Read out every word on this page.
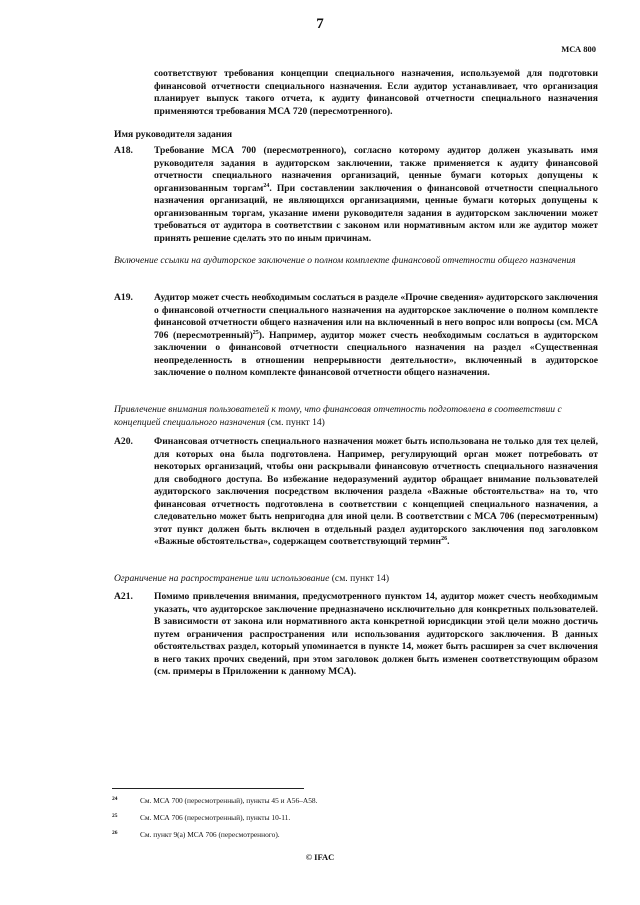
7
МСА 800
соответствуют требования концепции специального назначения, используемой для подготовки финансовой отчетности специального назначения. Если аудитор устанавливает, что организация планирует выпуск такого отчета, к аудиту финансовой отчетности специального назначения применяются требования МСА 720 (пересмотренного).
Имя руководителя задания
A18. Требование МСА 700 (пересмотренного), согласно которому аудитор должен указывать имя руководителя задания в аудиторском заключении, также применяется к аудиту финансовой отчетности специального назначения организаций, ценные бумаги которых допущены к организованным торгам$^{24}$. При составлении заключения о финансовой отчетности специального назначения организаций, не являющихся организациями, ценные бумаги которых допущены к организованным торгам, указание имени руководителя задания в аудиторском заключении может требоваться от аудитора в соответствии с законом или нормативным актом или же аудитор может принять решение сделать это по иным причинам.
Включение ссылки на аудиторское заключение о полном комплекте финансовой отчетности общего назначения
A19. Аудитор может счесть необходимым сослаться в разделе «Прочие сведения» аудиторского заключения о финансовой отчетности специального назначения на аудиторское заключение о полном комплекте финансовой отчетности общего назначения или на включенный в него вопрос или вопросы (см. МСА 706 (пересмотренный)$^{25}$). Например, аудитор может счесть необходимым сослаться в аудиторском заключении о финансовой отчетности специального назначения на раздел «Существенная неопределенность в отношении непрерывности деятельности», включенный в аудиторское заключение о полном комплекте финансовой отчетности общего назначения.
Привлечение внимания пользователей к тому, что финансовая отчетность подготовлена в соответствии с концепцией специального назначения (см. пункт 14)
A20. Финансовая отчетность специального назначения может быть использована не только для тех целей, для которых она была подготовлена. Например, регулирующий орган может потребовать от некоторых организаций, чтобы они раскрывали финансовую отчетность специального назначения для свободного доступа. Во избежание недоразумений аудитор обращает внимание пользователей аудиторского заключения посредством включения раздела «Важные обстоятельства» на то, что финансовая отчетность подготовлена в соответствии с концепцией специального назначения, а следовательно может быть непригодна для иной цели. В соответствии с МСА 706 (пересмотренным) этот пункт должен быть включен в отдельный раздел аудиторского заключения под заголовком «Важные обстоятельства», содержащем соответствующий термин$^{26}$.
Ограничение на распространение или использование (см. пункт 14)
A21. Помимо привлечения внимания, предусмотренного пунктом 14, аудитор может счесть необходимым указать, что аудиторское заключение предназначено исключительно для конкретных пользователей. В зависимости от закона или нормативного акта конкретной юрисдикции этой цели можно достичь путем ограничения распространения или использования аудиторского заключения. В данных обстоятельствах раздел, который упоминается в пункте 14, может быть расширен за счет включения в него таких прочих сведений, при этом заголовок должен быть изменен соответствующим образом (см. примеры в Приложении к данному МСА).
24	См. МСА 700 (пересмотренный), пункты 45 и A56–A58.
25	См. МСА 706 (пересмотренный), пункты 10-11.
26	См. пункт 9(а) МСА 706 (пересмотренного).
© IFAC
